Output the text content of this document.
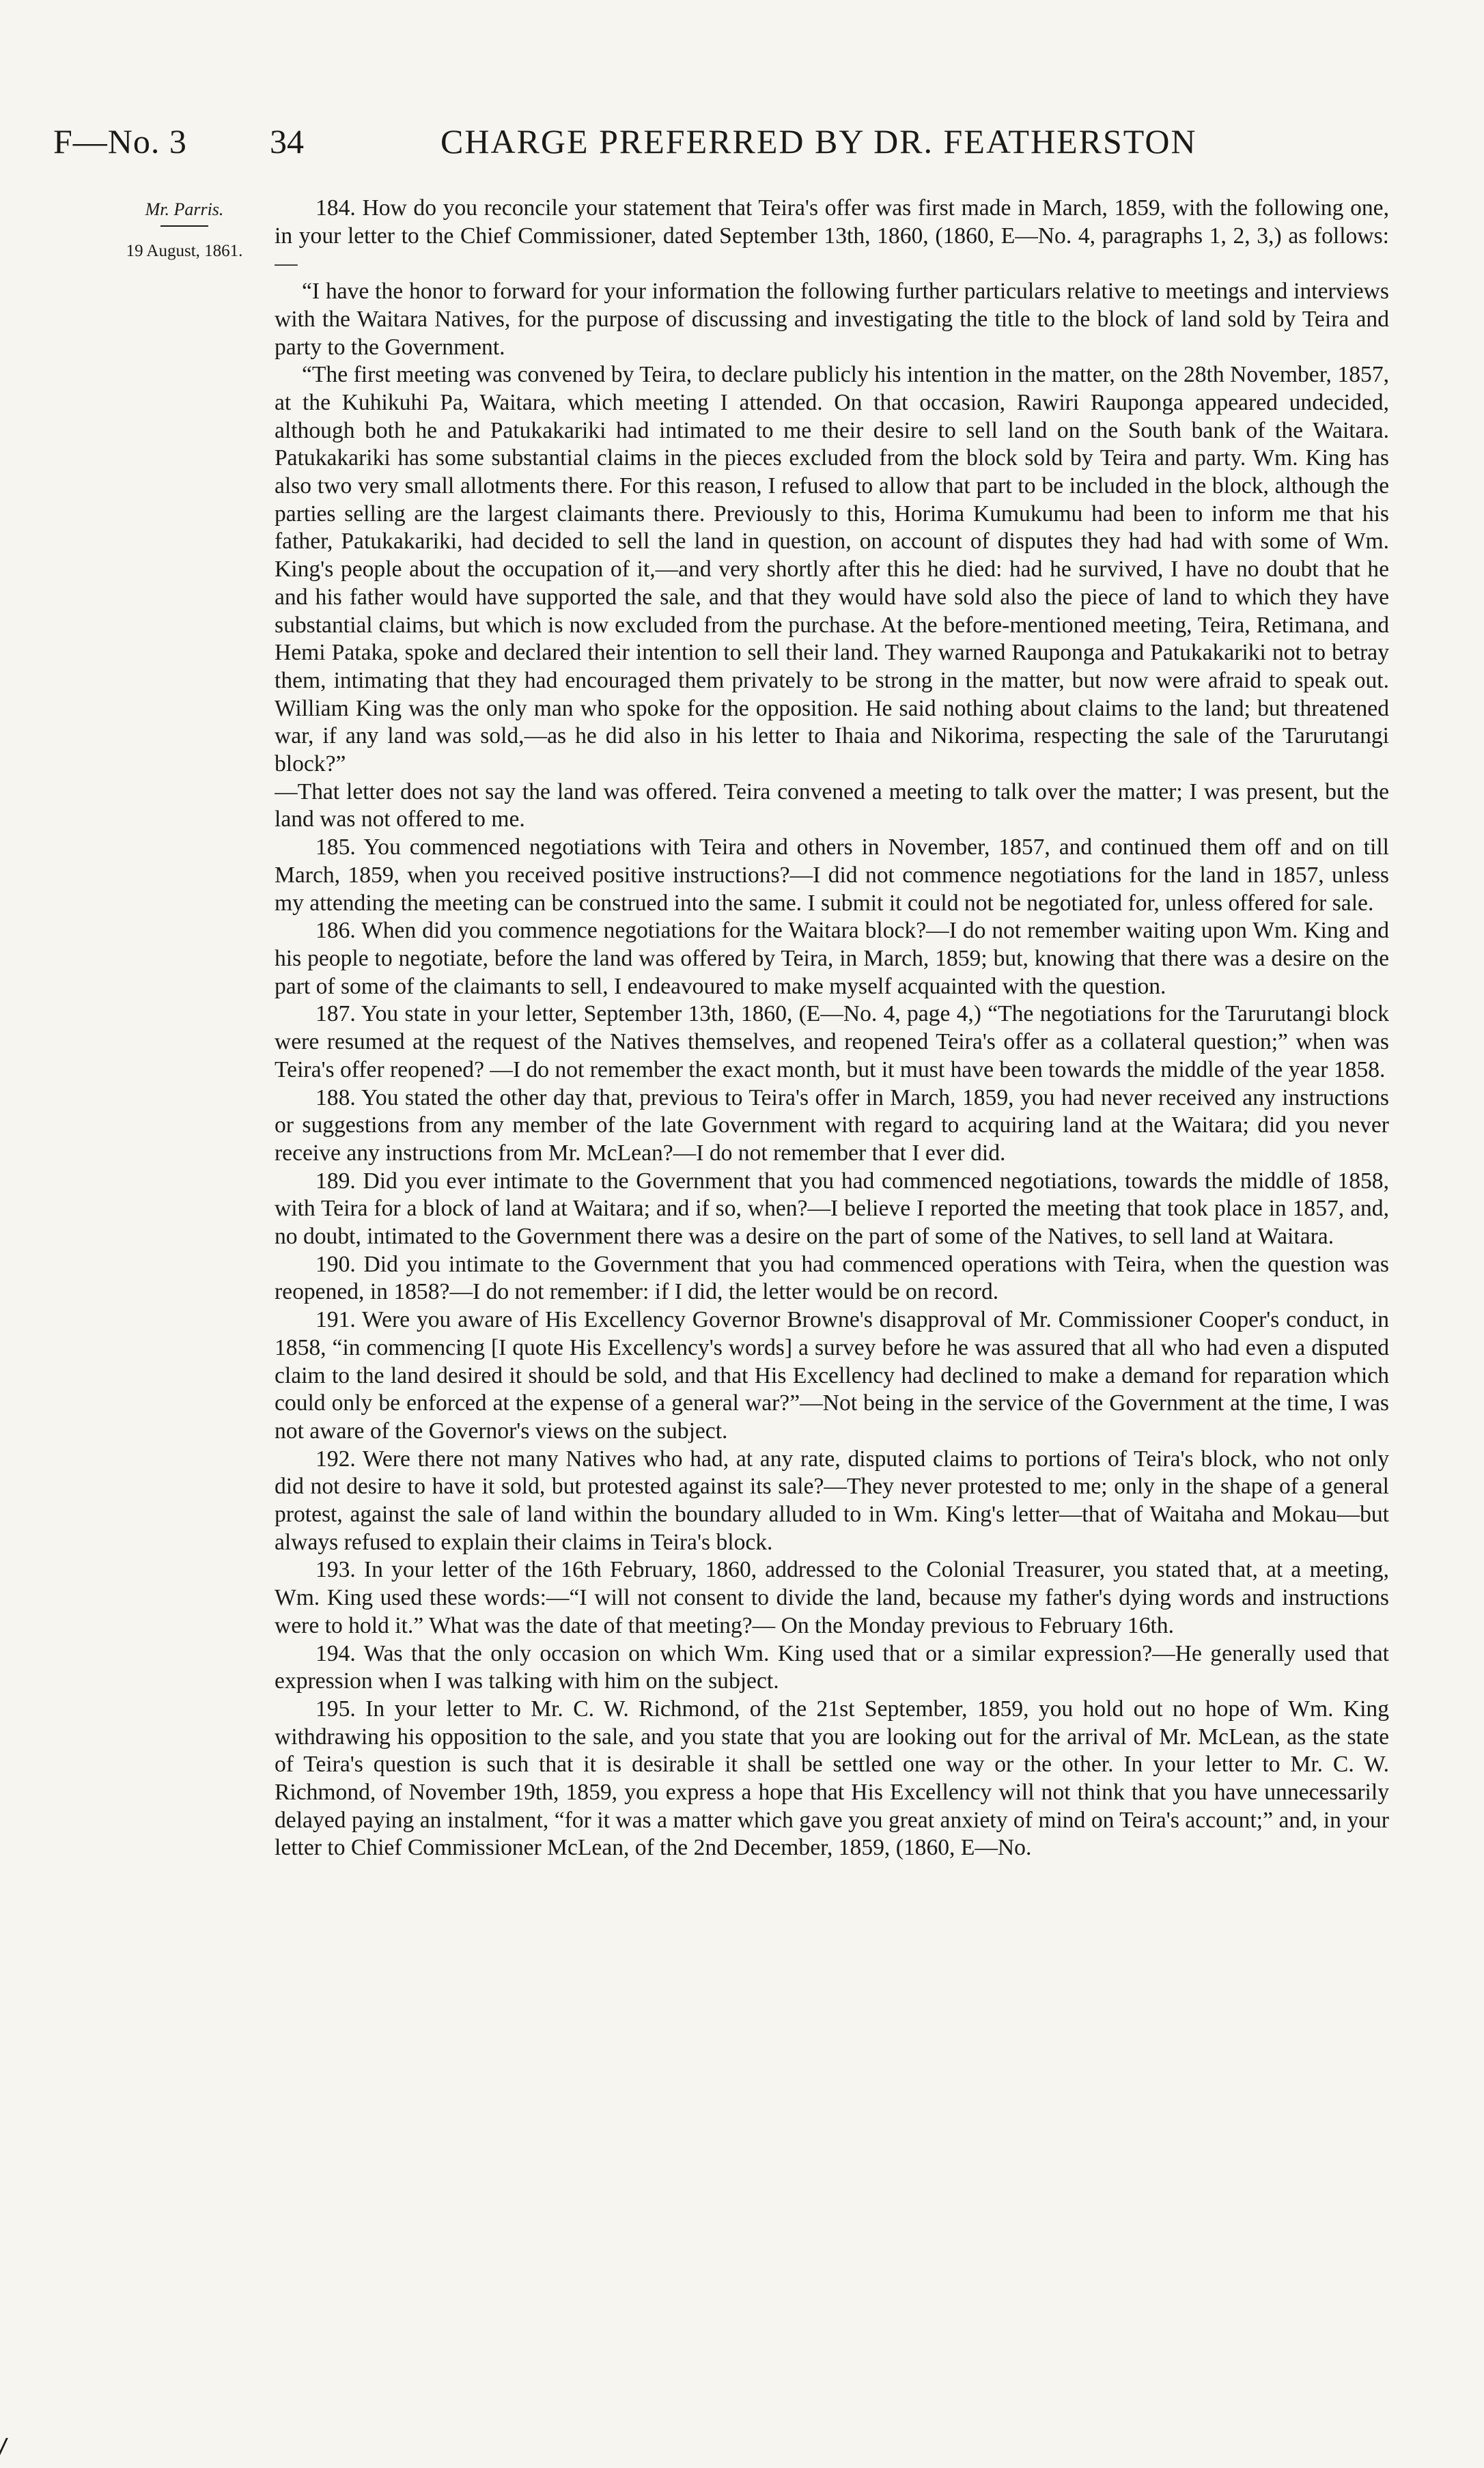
F—No. 3 34	CHARGE PREFERRED BY DR. FEATHERSTON
Mr. Parris.
19 August, 1861.

184. How do you reconcile your statement that Teira's offer was first made in March, 1859, with the following one, in your letter to the Chief Commissioner, dated September 13th, 1860, (1860, E—No. 4, paragraphs 1, 2, 3,) as follows:—

“I have the honor to forward for your information the following further particulars relative to meetings and interviews with the Waitara Natives, for the purpose of discussing and investigating the title to the block of land sold by Teira and party to the Government.

“The first meeting was convened by Teira, to declare publicly his intention in the matter, on the 28th November, 1857, at the Kuhikuhi Pa, Waitara, which meeting I attended. On that occasion, Rawiri Rauponga appeared undecided, although both he and Patukakariki had intimated to me their desire to sell land on the South bank of the Waitara. Patukakariki has some substantial claims in the pieces excluded from the block sold by Teira and party. Wm. King has also two very small allotments there. For this reason, I refused to allow that part to be included in the block, although the parties selling are the largest claimants there. Previously to this, Horima Kumukumu had been to inform me that his father, Patukakariki, had decided to sell the land in question, on account of disputes they had had with some of Wm. King's people about the occupation of it,—and very shortly after this he died: had he survived, I have no doubt that he and his father would have supported the sale, and that they would have sold also the piece of land to which they have substantial claims, but which is now excluded from the purchase. At the before-mentioned meeting, Teira, Retimana, and Hemi Pataka, spoke and declared their intention to sell their land. They warned Rauponga and Patukakariki not to betray them, intimating that they had encouraged them privately to be strong in the matter, but now were afraid to speak out. William King was the only man who spoke for the opposition. He said nothing about claims to the land; but threatened war, if any land was sold,—as he did also in his letter to Ihaia and Nikorima, respecting the sale of the Tarurutangi block?”

—That letter does not say the land was offered. Teira convened a meeting to talk over the matter; I was present, but the land was not offered to me.

185. You commenced negotiations with Teira and others in November, 1857, and continued them off and on till March, 1859, when you received positive instructions?—I did not commence negotiations for the land in 1857, unless my attending the meeting can be construed into the same. I submit it could not be negotiated for, unless offered for sale.

186. When did you commence negotiations for the Waitara block?—I do not remember waiting upon Wm. King and his people to negotiate, before the land was offered by Teira, in March, 1859; but, knowing that there was a desire on the part of some of the claimants to sell, I endeavoured to make myself acquainted with the question.

187. You state in your letter, September 13th, 1860, (E—No. 4, page 4,) “The negotiations for the Tarurutangi block were resumed at the request of the Natives themselves, and reopened Teira's offer as a collateral question;” when was Teira's offer reopened? —I do not remember the exact month, but it must have been towards the middle of the year 1858.

188. You stated the other day that, previous to Teira's offer in March, 1859, you had never received any instructions or suggestions from any member of the late Government with regard to acquiring land at the Waitara; did you never receive any instructions from Mr. McLean?—I do not remember that I ever did.

189. Did you ever intimate to the Government that you had commenced negotiations, towards the middle of 1858, with Teira for a block of land at Waitara; and if so, when?—I believe I reported the meeting that took place in 1857, and, no doubt, intimated to the Government there was a desire on the part of some of the Natives, to sell land at Waitara.

190. Did you intimate to the Government that you had commenced operations with Teira, when the question was reopened, in 1858?—I do not remember: if I did, the letter would be on record.

191. Were you aware of His Excellency Governor Browne's disapproval of Mr. Commissioner Cooper's conduct, in 1858, “in commencing [I quote His Excellency's words] a survey before he was assured that all who had even a disputed claim to the land desired it should be sold, and that His Excellency had declined to make a demand for reparation which could only be enforced at the expense of a general war?”—Not being in the service of the Government at the time, I was not aware of the Governor's views on the subject.

192. Were there not many Natives who had, at any rate, disputed claims to portions of Teira's block, who not only did not desire to have it sold, but protested against its sale?—They never protested to me; only in the shape of a general protest, against the sale of land within the boundary alluded to in Wm. King's letter—that of Waitaha and Mokau—but always refused to explain their claims in Teira's block.

193. In your letter of the 16th February, 1860, addressed to the Colonial Treasurer, you stated that, at a meeting, Wm. King used these words:—“I will not consent to divide the land, because my father's dying words and instructions were to hold it.” What was the date of that meeting?— On the Monday previous to February 16th.

194. Was that the only occasion on which Wm. King used that or a similar expression?—He generally used that expression when I was talking with him on the subject.

195. In your letter to Mr. C. W. Richmond, of the 21st September, 1859, you hold out no hope of Wm. King withdrawing his opposition to the sale, and you state that you are looking out for the arrival of Mr. McLean, as the state of Teira's question is such that it is desirable it shall be settled one way or the other. In your letter to Mr. C. W. Richmond, of November 19th, 1859, you express a hope that His Excellency will not think that you have unnecessarily delayed paying an instalment, “for it was a matter which gave you great anxiety of mind on Teira's account;” and, in your letter to Chief Commissioner McLean, of the 2nd December, 1859, (1860, E—No.
